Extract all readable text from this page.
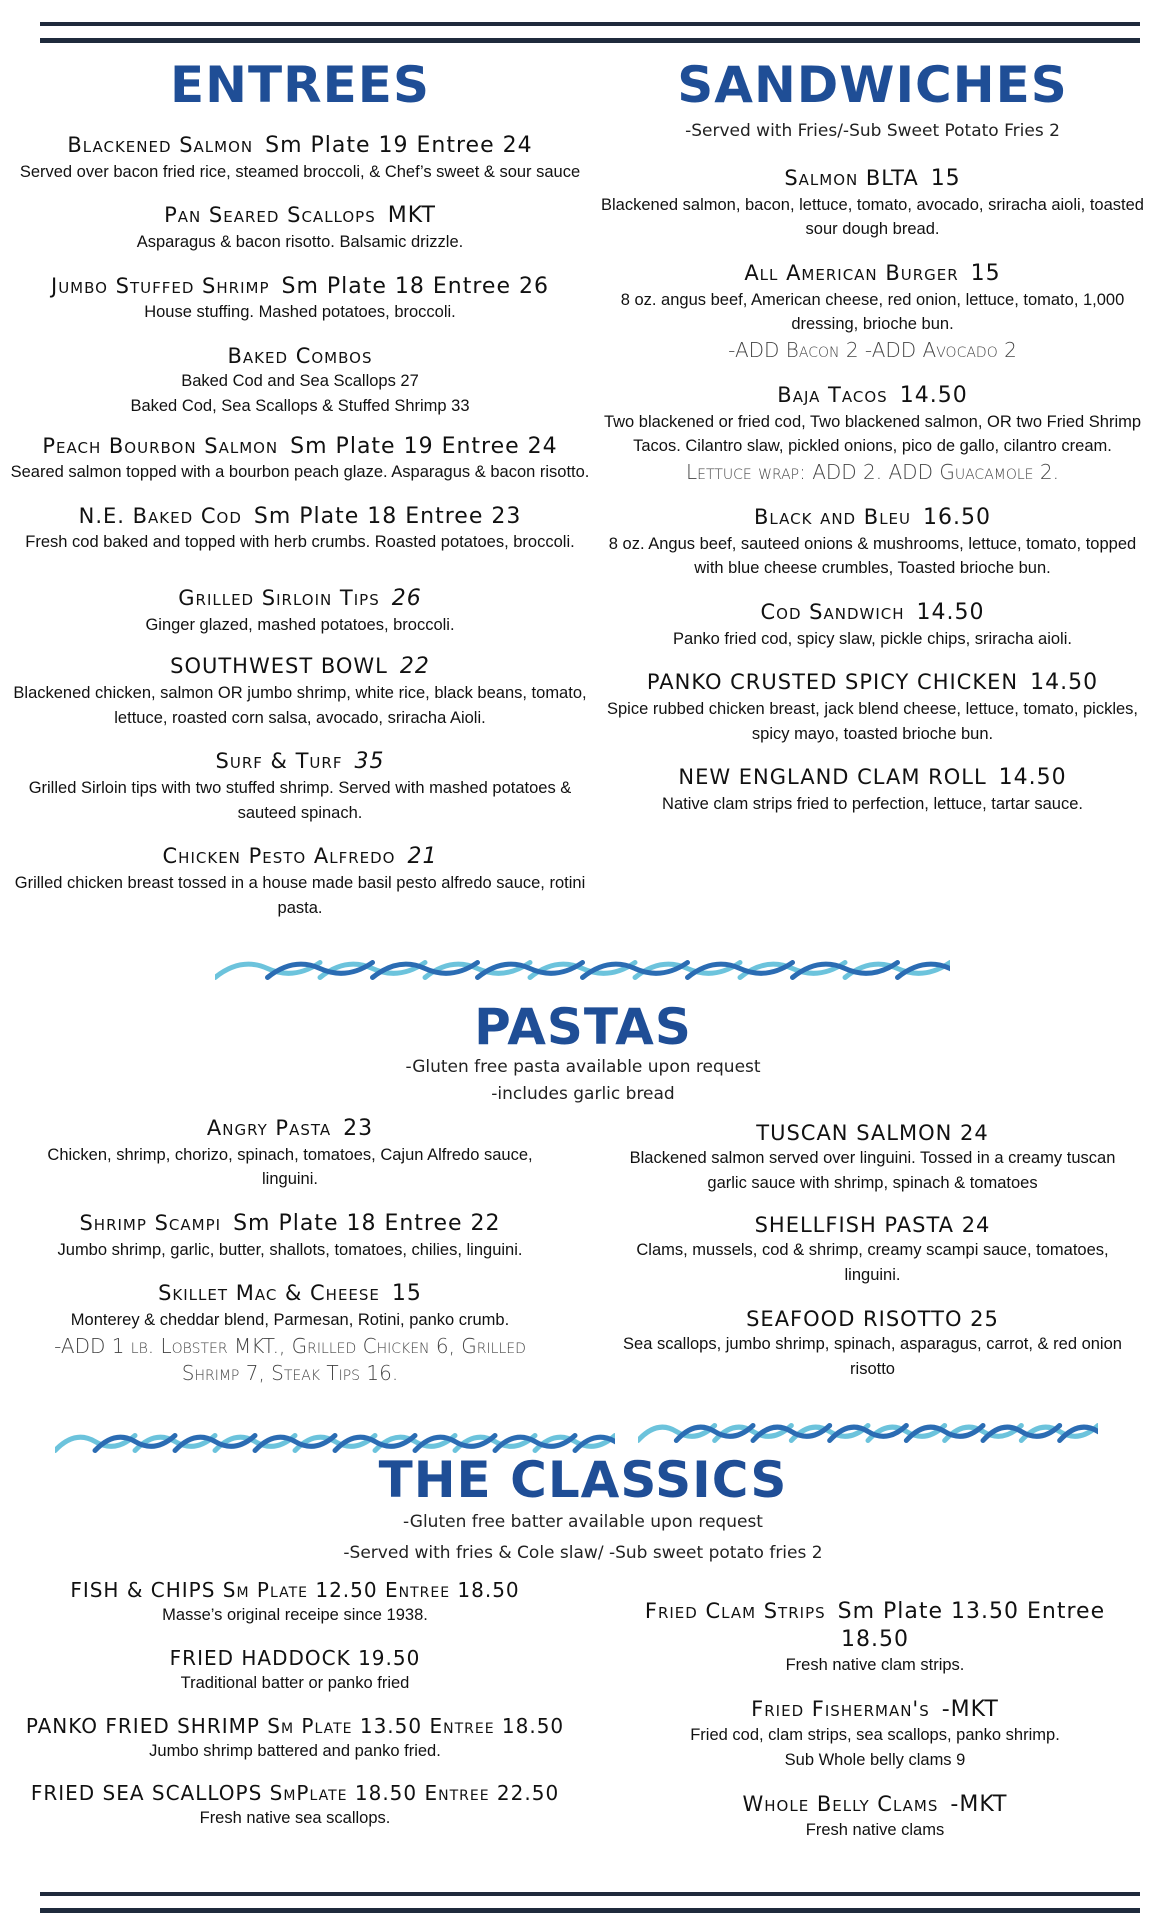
ENTREES
Blackened Salmon Sm Plate 19 Entree 24
Served over bacon fried rice, steamed broccoli, & Chef’s sweet & sour sauce
Pan Seared Scallops MKT
Asparagus & bacon risotto. Balsamic drizzle.
Jumbo Stuffed Shrimp Sm Plate 18 Entree 26
House stuffing. Mashed potatoes, broccoli.
Baked Combos
Baked Cod and Sea Scallops 27
Baked Cod, Sea Scallops & Stuffed Shrimp 33
Peach Bourbon Salmon Sm Plate 19 Entree 24
Seared salmon topped with a bourbon peach glaze. Asparagus & bacon risotto.
N.E. Baked Cod Sm Plate 18 Entree 23
Fresh cod baked and topped with herb crumbs. Roasted potatoes, broccoli.
Grilled Sirloin Tips 26
Ginger glazed, mashed potatoes, broccoli.
SOUTHWEST BOWL 22
Blackened chicken, salmon OR jumbo shrimp, white rice, black beans, tomato, lettuce, roasted corn salsa, avocado, sriracha Aioli.
Surf & Turf 35
Grilled Sirloin tips with two stuffed shrimp. Served with mashed potatoes & sauteed spinach.
Chicken Pesto Alfredo 21
Grilled chicken breast tossed in a house made basil pesto alfredo sauce, rotini pasta.
SANDWICHES
-Served with Fries/-Sub Sweet Potato Fries 2
Salmon BLTA 15
Blackened salmon, bacon, lettuce, tomato, avocado, sriracha aioli, toasted sour dough bread.
All American Burger 15
8 oz. angus beef, American cheese, red onion, lettuce, tomato, 1,000 dressing, brioche bun.
-ADD Bacon 2 -ADD Avocado 2
Baja Tacos 14.50
Two blackened or fried cod, Two blackened salmon, OR two Fried Shrimp Tacos. Cilantro slaw, pickled onions, pico de gallo, cilantro cream.
Lettuce wrap: ADD 2. ADD Guacamole 2.
Black and Bleu 16.50
8 oz. Angus beef, sauteed onions & mushrooms, lettuce, tomato, topped with blue cheese crumbles, Toasted brioche bun.
Cod Sandwich 14.50
Panko fried cod, spicy slaw, pickle chips, sriracha aioli.
PANKO CRUSTED SPICY CHICKEN 14.50
Spice rubbed chicken breast, jack blend cheese, lettuce, tomato, pickles, spicy mayo, toasted brioche bun.
NEW ENGLAND CLAM ROLL 14.50
Native clam strips fried to perfection, lettuce, tartar sauce.
PASTAS
-Gluten free pasta available upon request
-includes garlic bread
Angry Pasta 23
Chicken, shrimp, chorizo, spinach, tomatoes, Cajun Alfredo sauce, linguini.
Shrimp Scampi Sm Plate 18 Entree 22
Jumbo shrimp, garlic, butter, shallots, tomatoes, chilies, linguini.
Skillet Mac & Cheese 15
Monterey & cheddar blend, Parmesan, Rotini, panko crumb.
-ADD 1 lb. Lobster MKT., Grilled Chicken 6, Grilled Shrimp 7, Steak Tips 16.
TUSCAN SALMON 24
Blackened salmon served over linguini. Tossed in a creamy tuscan garlic sauce with shrimp, spinach & tomatoes
SHELLFISH PASTA 24
Clams, mussels, cod & shrimp, creamy scampi sauce, tomatoes, linguini.
SEAFOOD RISOTTO 25
Sea scallops, jumbo shrimp, spinach, asparagus, carrot, & red onion risotto
THE CLASSICS
-Gluten free batter available upon request
-Served with fries & Cole slaw/ -Sub sweet potato fries 2
FISH & CHIPS Sm Plate 12.50 Entree 18.50
Masse’s original receipe since 1938.
FRIED HADDOCK 19.50
Traditional batter or panko fried
PANKO FRIED SHRIMP Sm Plate 13.50 Entree 18.50
Jumbo shrimp battered and panko fried.
FRIED SEA SCALLOPS SmPlate 18.50 Entree 22.50
Fresh native sea scallops.
Fried Clam Strips Sm Plate 13.50 Entree 18.50
Fresh native clam strips.
Fried Fisherman's -MKT
Fried cod, clam strips, sea scallops, panko shrimp.
Sub Whole belly clams 9
Whole Belly Clams -MKT
Fresh native clams
